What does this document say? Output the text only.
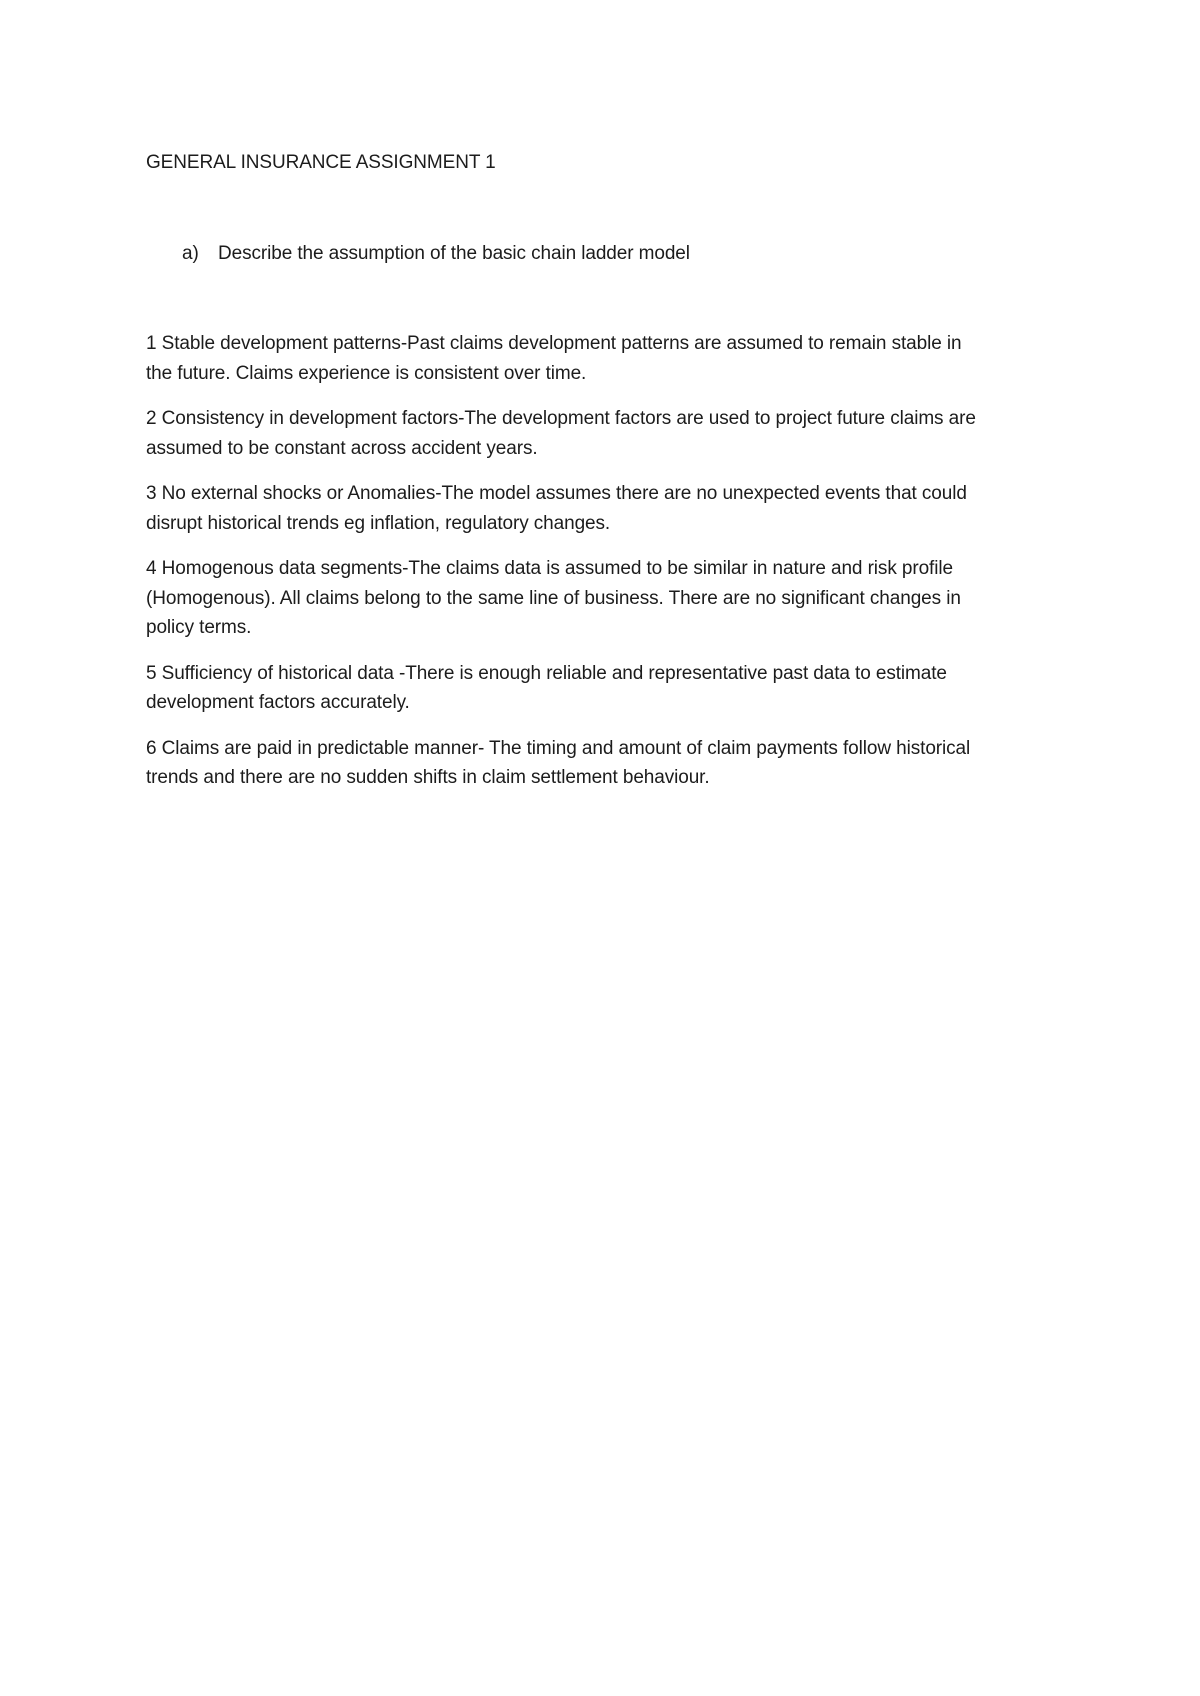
GENERAL INSURANCE ASSIGNMENT 1
a)	Describe the assumption of the basic chain ladder model

1 Stable development patterns-Past claims development patterns are assumed to remain stable in
the future. Claims experience is consistent over time.

2 Consistency in development factors-The development factors are used to project future claims are
assumed to be constant across accident years.

3 No external shocks or Anomalies-The model assumes there are no unexpected events that could
disrupt historical trends eg inflation, regulatory changes.

4 Homogenous data segments-The claims data is assumed to be similar in nature and risk profile
(Homogenous). All claims belong to the same line of business. There are no significant changes in
policy terms.

5 Sufficiency of historical data -There is enough reliable and representative past data to estimate
development factors accurately.

6 Claims are paid in predictable manner- The timing and amount of claim payments follow historical
trends and there are no sudden shifts in claim settlement behaviour.
